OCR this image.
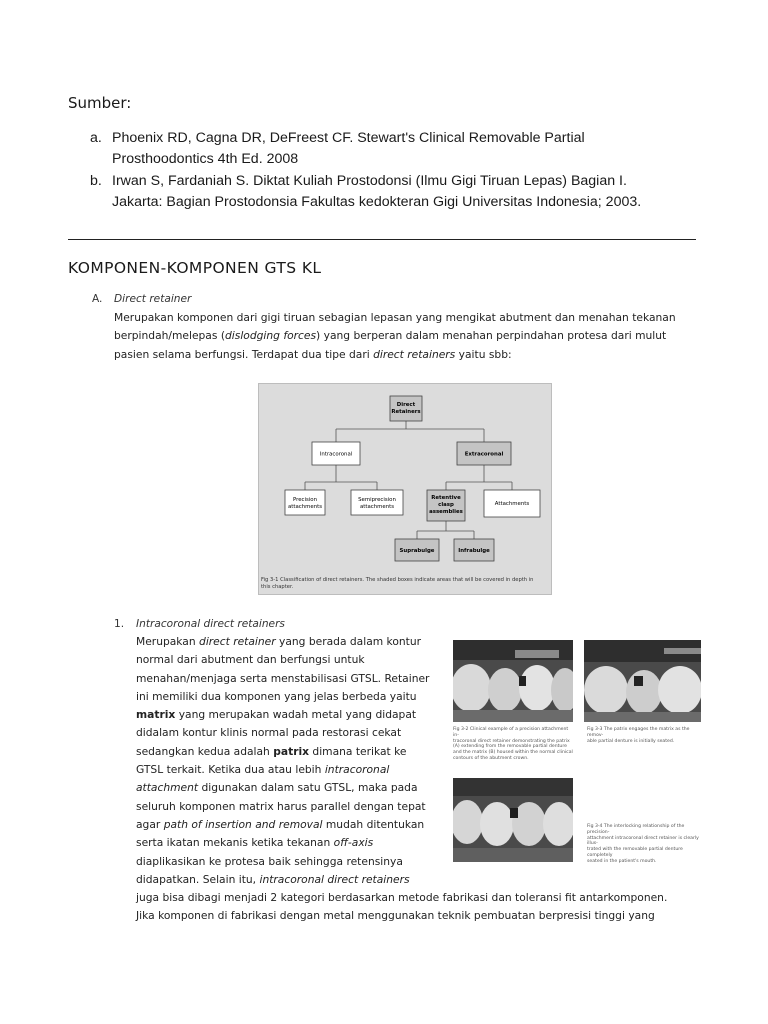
Sumber:
a. Phoenix RD, Cagna DR, DeFreest CF. Stewart's Clinical Removable Partial
Prosthoodontics 4th Ed. 2008
b. Irwan S, Fardaniah S. Diktat Kuliah Prostodonsi (Ilmu Gigi Tiruan Lepas) Bagian I.
Jakarta: Bagian Prostodonsia Fakultas kedokteran Gigi Universitas Indonesia; 2003.
KOMPONEN-KOMPONEN GTS KL
A. Direct retainer
Merupakan komponen dari gigi tiruan sebagian lepasan yang mengikat abutment dan menahan tekanan
berpindah/melepas (dislodging forces) yang berperan dalam menahan perpindahan protesa dari mulut
pasien selama berfungsi. Terdapat dua tipe dari direct retainers yaitu sbb:
Direct
Retainers
Intracoronal	Extracoronal
Precision
attachments
Semiprecision
attachments
Retentive
clasp
assemblies
Attachments
Suprabulge	Infrabulge
Fig 3-1 Classification of direct retainers. The shaded boxes indicate areas that will be covered in depth in
this chapter.
1. Intracoronal direct retainers
Merupakan direct retainer yang berada dalam kontur
normal dari abutment dan berfungsi untuk
menahan/menjaga serta menstabilisasi GTSL. Retainer
ini memiliki dua komponen yang jelas berbeda yaitu
matrix yang merupakan wadah metal yang didapat
didalam kontur klinis normal pada restorasi cekat
sedangkan kedua adalah patrix dimana terikat ke
GTSL terkait. Ketika dua atau lebih intracoronal
attachment digunakan dalam satu GTSL, maka pada
seluruh komponen matrix harus parallel dengan tepat
agar path of insertion and removal mudah ditentukan
serta ikatan mekanis ketika tekanan off-axis
diaplikasikan ke protesa baik sehingga retensinya
didapatkan. Selain itu, intracoronal direct retainers
juga bisa dibagi menjadi 2 kategori berdasarkan metode fabrikasi dan toleransi fit antarkomponen.
Jika komponen di fabrikasi dengan metal menggunakan teknik pembuatan berpresisi tinggi yang
Fig 3-2 Clinical example of a precision attachment in-
tracoronal direct retainer demonstrating the patrix
(A) extending from the removable partial denture
and the matrix (B) housed within the normal clinical
contours of the abutment crown.
Fig 3-3 The patrix engages the matrix as the remov-
able partial denture is initially seated.
Fig 3-4 The interlocking relationship of the precision-
attachment intracoronal direct retainer is clearly illus-
trated with the removable partial denture completely
seated in the patient's mouth.
